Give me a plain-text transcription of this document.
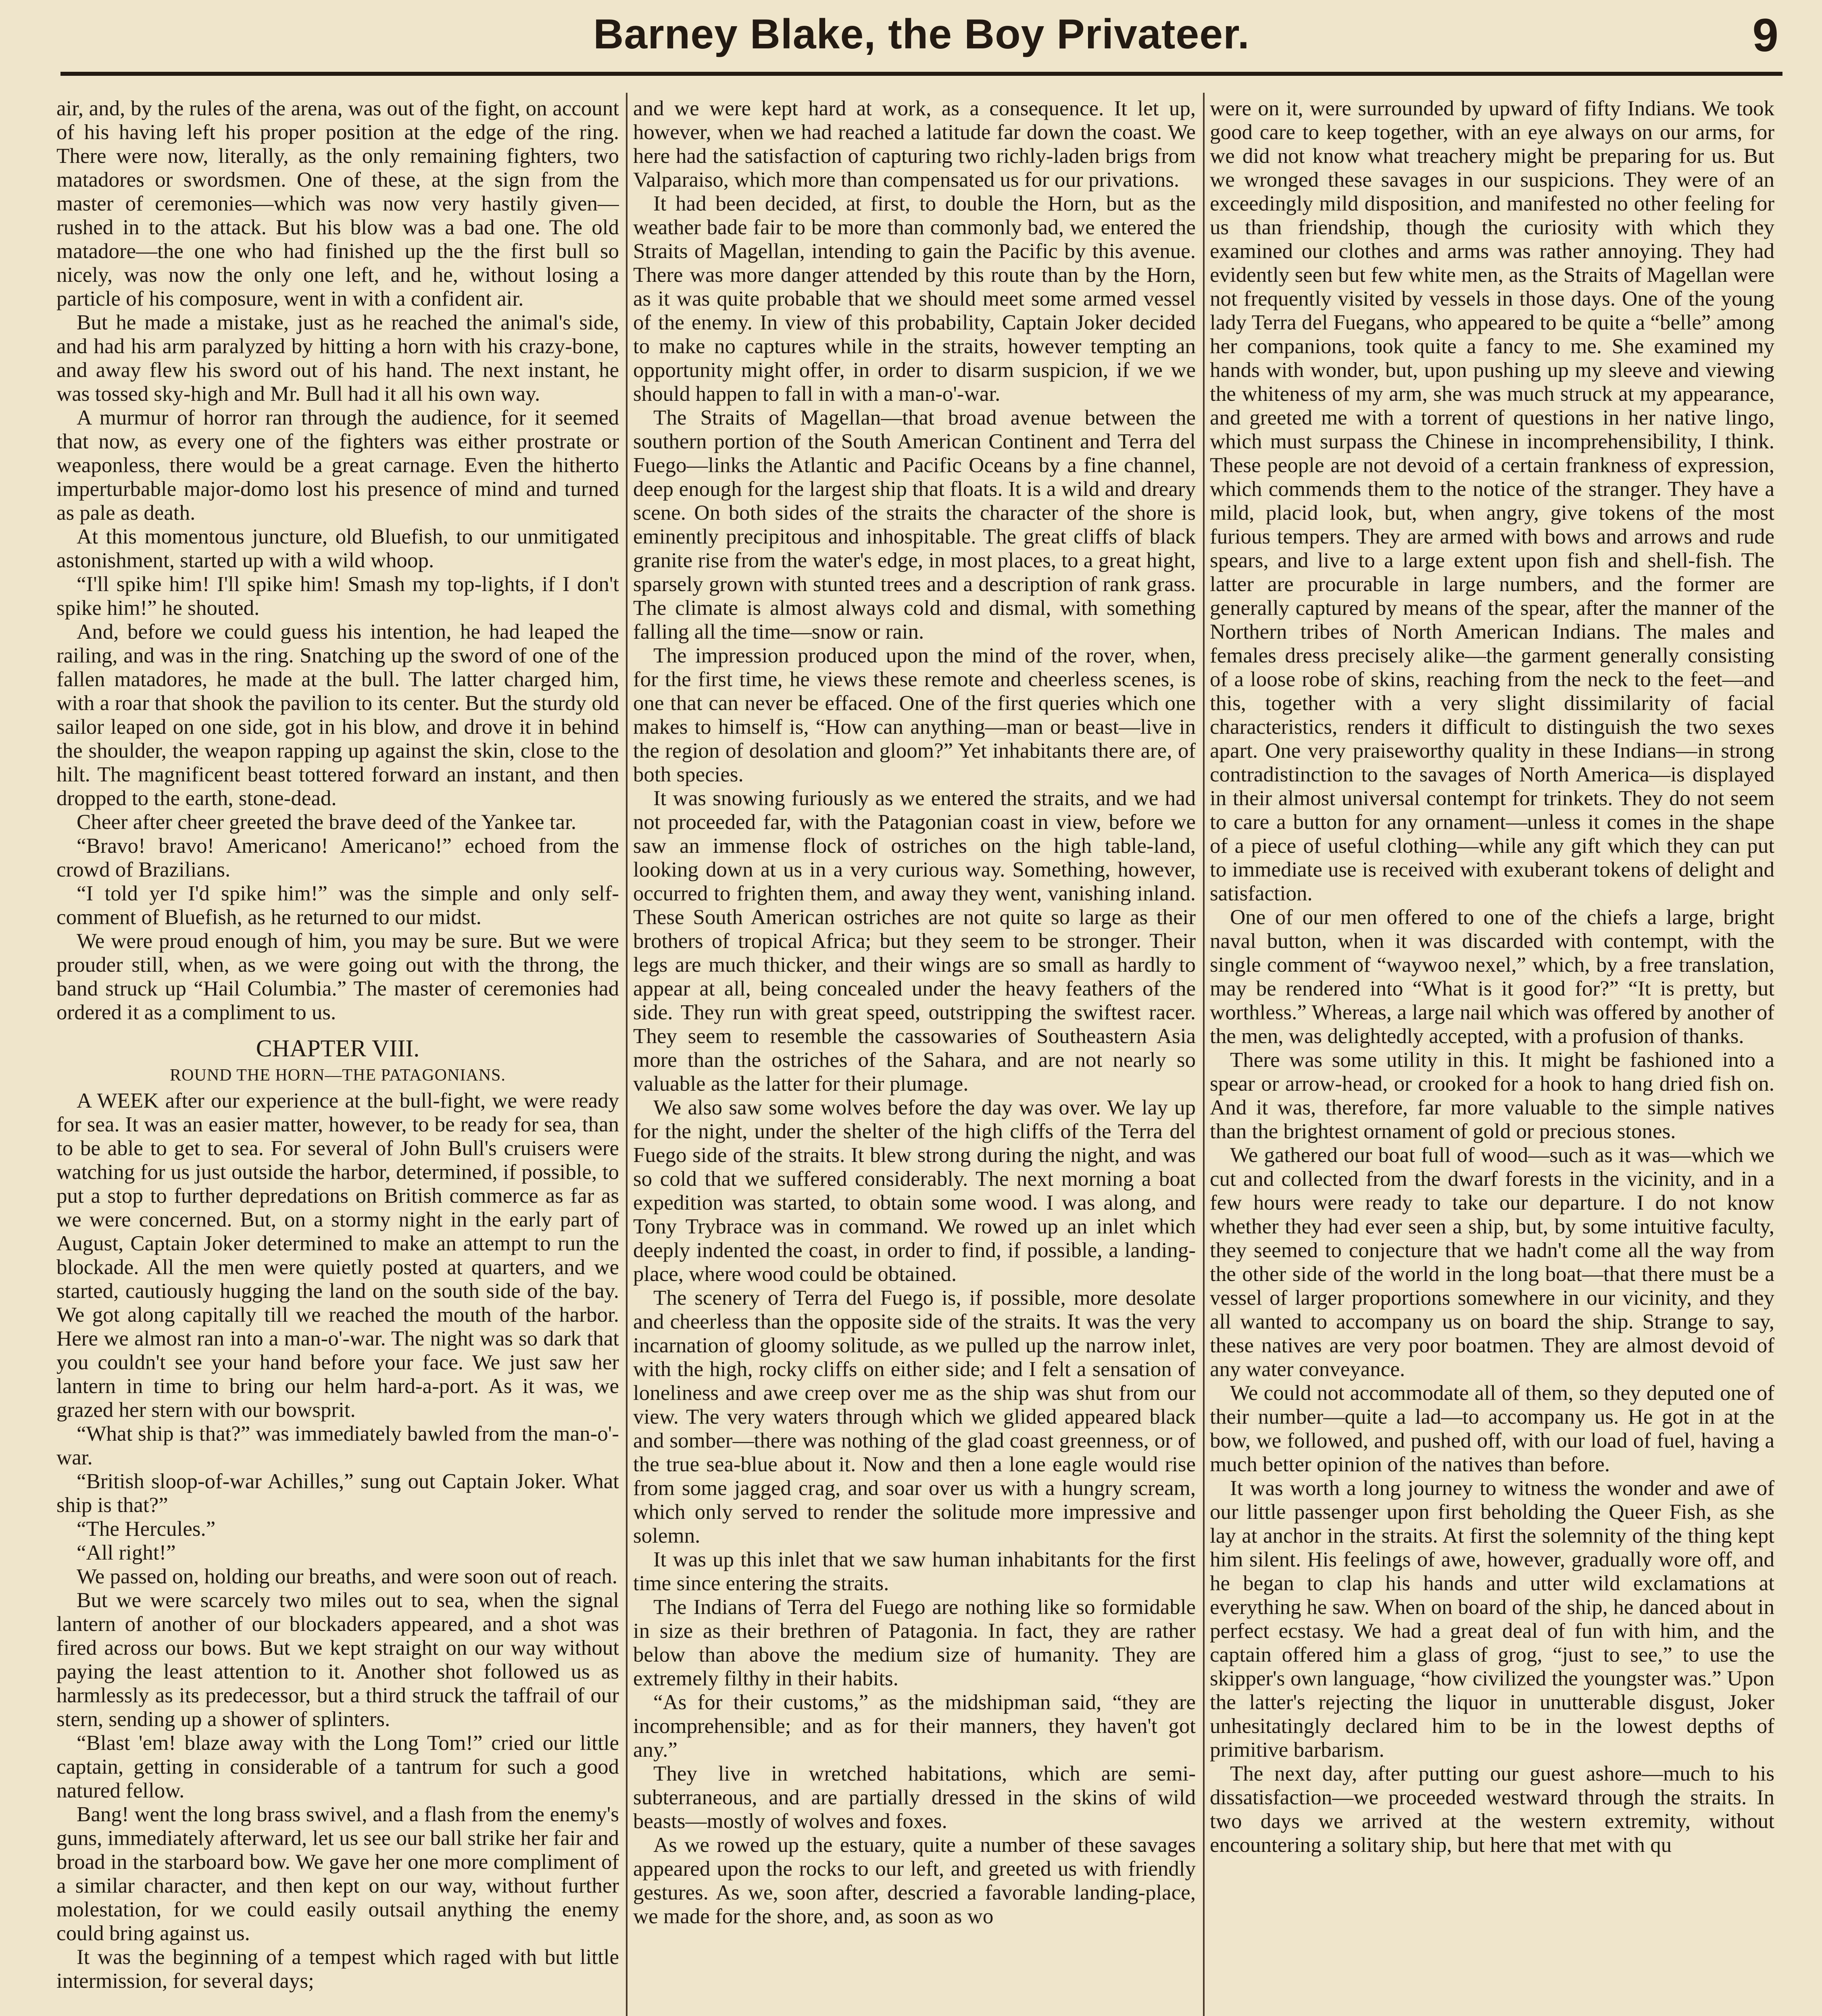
Barney Blake, the Boy Privateer.	9

air, and, by the rules of the arena, was out of the fight, on account of his having left his proper position at the edge of the ring. There were now, literally, as the only remaining fighters, two matadores or swordsmen. One of these, at the sign from the master of ceremonies—which was now very hastily given—rushed in to the attack. But his blow was a bad one. The old matadore—the one who had finished up the the first bull so nicely, was now the only one left, and he, without losing a particle of his composure, went in with a confident air.

But he made a mistake, just as he reached the animal's side, and had his arm paralyzed by hitting a horn with his crazy-bone, and away flew his sword out of his hand. The next instant, he was tossed sky-high and Mr. Bull had it all his own way.

A murmur of horror ran through the audience, for it seemed that now, as every one of the fighters was either prostrate or weaponless, there would be a great carnage. Even the hitherto imperturbable major-domo lost his presence of mind and turned as pale as death.

At this momentous juncture, old Bluefish, to our unmitigated astonishment, started up with a wild whoop.

“I'll spike him! I'll spike him! Smash my top-lights, if I don't spike him!” he shouted.

And, before we could guess his intention, he had leaped the railing, and was in the ring. Snatching up the sword of one of the fallen matadores, he made at the bull. The latter charged him, with a roar that shook the pavilion to its center. But the sturdy old sailor leaped on one side, got in his blow, and drove it in behind the shoulder, the weapon rapping up against the skin, close to the hilt. The magnificent beast tottered forward an instant, and then dropped to the earth, stone-dead.

Cheer after cheer greeted the brave deed of the Yankee tar.

“Bravo! bravo! Americano! Americano!” echoed from the crowd of Brazilians.

“I told yer I'd spike him!” was the simple and only self-comment of Bluefish, as he returned to our midst.

We were proud enough of him, you may be sure. But we were prouder still, when, as we were going out with the throng, the band struck up “Hail Columbia.” The master of ceremonies had ordered it as a compliment to us.

CHAPTER VIII.
ROUND THE HORN—THE PATAGONIANS.

A WEEK after our experience at the bull-fight, we were ready for sea. It was an easier matter, however, to be ready for sea, than to be able to get to sea. For several of John Bull's cruisers were watching for us just outside the harbor, determined, if possible, to put a stop to further depredations on British commerce as far as we were concerned. But, on a stormy night in the early part of August, Captain Joker determined to make an attempt to run the blockade. All the men were quietly posted at quarters, and we started, cautiously hugging the land on the south side of the bay. We got along capitally till we reached the mouth of the harbor. Here we almost ran into a man-o'-war. The night was so dark that you couldn't see your hand before your face. We just saw her lantern in time to bring our helm hard-a-port. As it was, we grazed her stern with our bowsprit.

“What ship is that?” was immediately bawled from the man-o'-war.

“British sloop-of-war Achilles,” sung out Captain Joker. What ship is that?”

“The Hercules.”

“All right!”

We passed on, holding our breaths, and were soon out of reach.

But we were scarcely two miles out to sea, when the signal lantern of another of our blockaders appeared, and a shot was fired across our bows. But we kept straight on our way without paying the least attention to it. Another shot followed us as harmlessly as its predecessor, but a third struck the taffrail of our stern, sending up a shower of splinters.

“Blast 'em! blaze away with the Long Tom!” cried our little captain, getting in considerable of a tantrum for such a good natured fellow.

Bang! went the long brass swivel, and a flash from the enemy's guns, immediately afterward, let us see our ball strike her fair and broad in the starboard bow. We gave her one more compliment of a similar character, and then kept on our way, without further molestation, for we could easily outsail anything the enemy could bring against us.

It was the beginning of a tempest which raged with but little intermission, for several days;

and we were kept hard at work, as a consequence. It let up, however, when we had reached a latitude far down the coast. We here had the satisfaction of capturing two richly-laden brigs from Valparaiso, which more than compensated us for our privations.

It had been decided, at first, to double the Horn, but as the weather bade fair to be more than commonly bad, we entered the Straits of Magellan, intending to gain the Pacific by this avenue. There was more danger attended by this route than by the Horn, as it was quite probable that we should meet some armed vessel of the enemy. In view of this probability, Captain Joker decided to make no captures while in the straits, however tempting an opportunity might offer, in order to disarm suspicion, if we we should happen to fall in with a man-o'-war.

The Straits of Magellan—that broad avenue between the southern portion of the South American Continent and Terra del Fuego—links the Atlantic and Pacific Oceans by a fine channel, deep enough for the largest ship that floats. It is a wild and dreary scene. On both sides of the straits the character of the shore is eminently precipitous and inhospitable. The great cliffs of black granite rise from the water's edge, in most places, to a great hight, sparsely grown with stunted trees and a description of rank grass. The climate is almost always cold and dismal, with something falling all the time—snow or rain.

The impression produced upon the mind of the rover, when, for the first time, he views these remote and cheerless scenes, is one that can never be effaced. One of the first queries which one makes to himself is, “How can anything—man or beast—live in the region of desolation and gloom?” Yet inhabitants there are, of both species.

It was snowing furiously as we entered the straits, and we had not proceeded far, with the Patagonian coast in view, before we saw an immense flock of ostriches on the high table-land, looking down at us in a very curious way. Something, however, occurred to frighten them, and away they went, vanishing inland. These South American ostriches are not quite so large as their brothers of tropical Africa; but they seem to be stronger. Their legs are much thicker, and their wings are so small as hardly to appear at all, being concealed under the heavy feathers of the side. They run with great speed, outstripping the swiftest racer. They seem to resemble the cassowaries of Southeastern Asia more than the ostriches of the Sahara, and are not nearly so valuable as the latter for their plumage.

We also saw some wolves before the day was over. We lay up for the night, under the shelter of the high cliffs of the Terra del Fuego side of the straits. It blew strong during the night, and was so cold that we suffered considerably. The next morning a boat expedition was started, to obtain some wood. I was along, and Tony Trybrace was in command. We rowed up an inlet which deeply indented the coast, in order to find, if possible, a landing-place, where wood could be obtained.

The scenery of Terra del Fuego is, if possible, more desolate and cheerless than the opposite side of the straits. It was the very incarnation of gloomy solitude, as we pulled up the narrow inlet, with the high, rocky cliffs on either side; and I felt a sensation of loneliness and awe creep over me as the ship was shut from our view. The very waters through which we glided appeared black and somber—there was nothing of the glad coast greenness, or of the true sea-blue about it. Now and then a lone eagle would rise from some jagged crag, and soar over us with a hungry scream, which only served to render the solitude more impressive and solemn.

It was up this inlet that we saw human inhabitants for the first time since entering the straits.

The Indians of Terra del Fuego are nothing like so formidable in size as their brethren of Patagonia. In fact, they are rather below than above the medium size of humanity. They are extremely filthy in their habits.

“As for their customs,” as the midshipman said, “they are incomprehensible; and as for their manners, they haven't got any.”

They live in wretched habitations, which are semi-subterraneous, and are partially dressed in the skins of wild beasts—mostly of wolves and foxes.

As we rowed up the estuary, quite a number of these savages appeared upon the rocks to our left, and greeted us with friendly gestures. As we, soon after, descried a favorable landing-place, we made for the shore, and, as soon as wo

were on it, were surrounded by upward of fifty Indians. We took good care to keep together, with an eye always on our arms, for we did not know what treachery might be preparing for us. But we wronged these savages in our suspicions. They were of an exceedingly mild disposition, and manifested no other feeling for us than friendship, though the curiosity with which they examined our clothes and arms was rather annoying. They had evidently seen but few white men, as the Straits of Magellan were not frequently visited by vessels in those days. One of the young lady Terra del Fuegans, who appeared to be quite a “belle” among her companions, took quite a fancy to me. She examined my hands with wonder, but, upon pushing up my sleeve and viewing the whiteness of my arm, she was much struck at my appearance, and greeted me with a torrent of questions in her native lingo, which must surpass the Chinese in incomprehensibility, I think. These people are not devoid of a certain frankness of expression, which commends them to the notice of the stranger. They have a mild, placid look, but, when angry, give tokens of the most furious tempers. They are armed with bows and arrows and rude spears, and live to a large extent upon fish and shell-fish. The latter are procurable in large numbers, and the former are generally captured by means of the spear, after the manner of the Northern tribes of North American Indians. The males and females dress precisely alike—the garment generally consisting of a loose robe of skins, reaching from the neck to the feet—and this, together with a very slight dissimilarity of facial characteristics, renders it difficult to distinguish the two sexes apart. One very praiseworthy quality in these Indians—in strong contradistinction to the savages of North America—is displayed in their almost universal contempt for trinkets. They do not seem to care a button for any ornament—unless it comes in the shape of a piece of useful clothing—while any gift which they can put to immediate use is received with exuberant tokens of delight and satisfaction.

One of our men offered to one of the chiefs a large, bright naval button, when it was discarded with contempt, with the single comment of “waywoo nexel,” which, by a free translation, may be rendered into “What is it good for?” “It is pretty, but worthless.” Whereas, a large nail which was offered by another of the men, was delightedly accepted, with a profusion of thanks.

There was some utility in this. It might be fashioned into a spear or arrow-head, or crooked for a hook to hang dried fish on. And it was, therefore, far more valuable to the simple natives than the brightest ornament of gold or precious stones.

We gathered our boat full of wood—such as it was—which we cut and collected from the dwarf forests in the vicinity, and in a few hours were ready to take our departure. I do not know whether they had ever seen a ship, but, by some intuitive faculty, they seemed to conjecture that we hadn't come all the way from the other side of the world in the long boat—that there must be a vessel of larger proportions somewhere in our vicinity, and they all wanted to accompany us on board the ship. Strange to say, these natives are very poor boatmen. They are almost devoid of any water conveyance.

We could not accommodate all of them, so they deputed one of their number—quite a lad—to accompany us. He got in at the bow, we followed, and pushed off, with our load of fuel, having a much better opinion of the natives than before.

It was worth a long journey to witness the wonder and awe of our little passenger upon first beholding the Queer Fish, as she lay at anchor in the straits. At first the solemnity of the thing kept him silent. His feelings of awe, however, gradually wore off, and he began to clap his hands and utter wild exclamations at everything he saw. When on board of the ship, he danced about in perfect ecstasy. We had a great deal of fun with him, and the captain offered him a glass of grog, “just to see,” to use the skipper's own language, “how civilized the youngster was.” Upon the latter's rejecting the liquor in unutterable disgust, Joker unhesitatingly declared him to be in the lowest depths of primitive barbarism.

The next day, after putting our guest ashore—much to his dissatisfaction—we proceeded westward through the straits. In two days we arrived at the western extremity, without encountering a solitary ship, but here that met with qu
